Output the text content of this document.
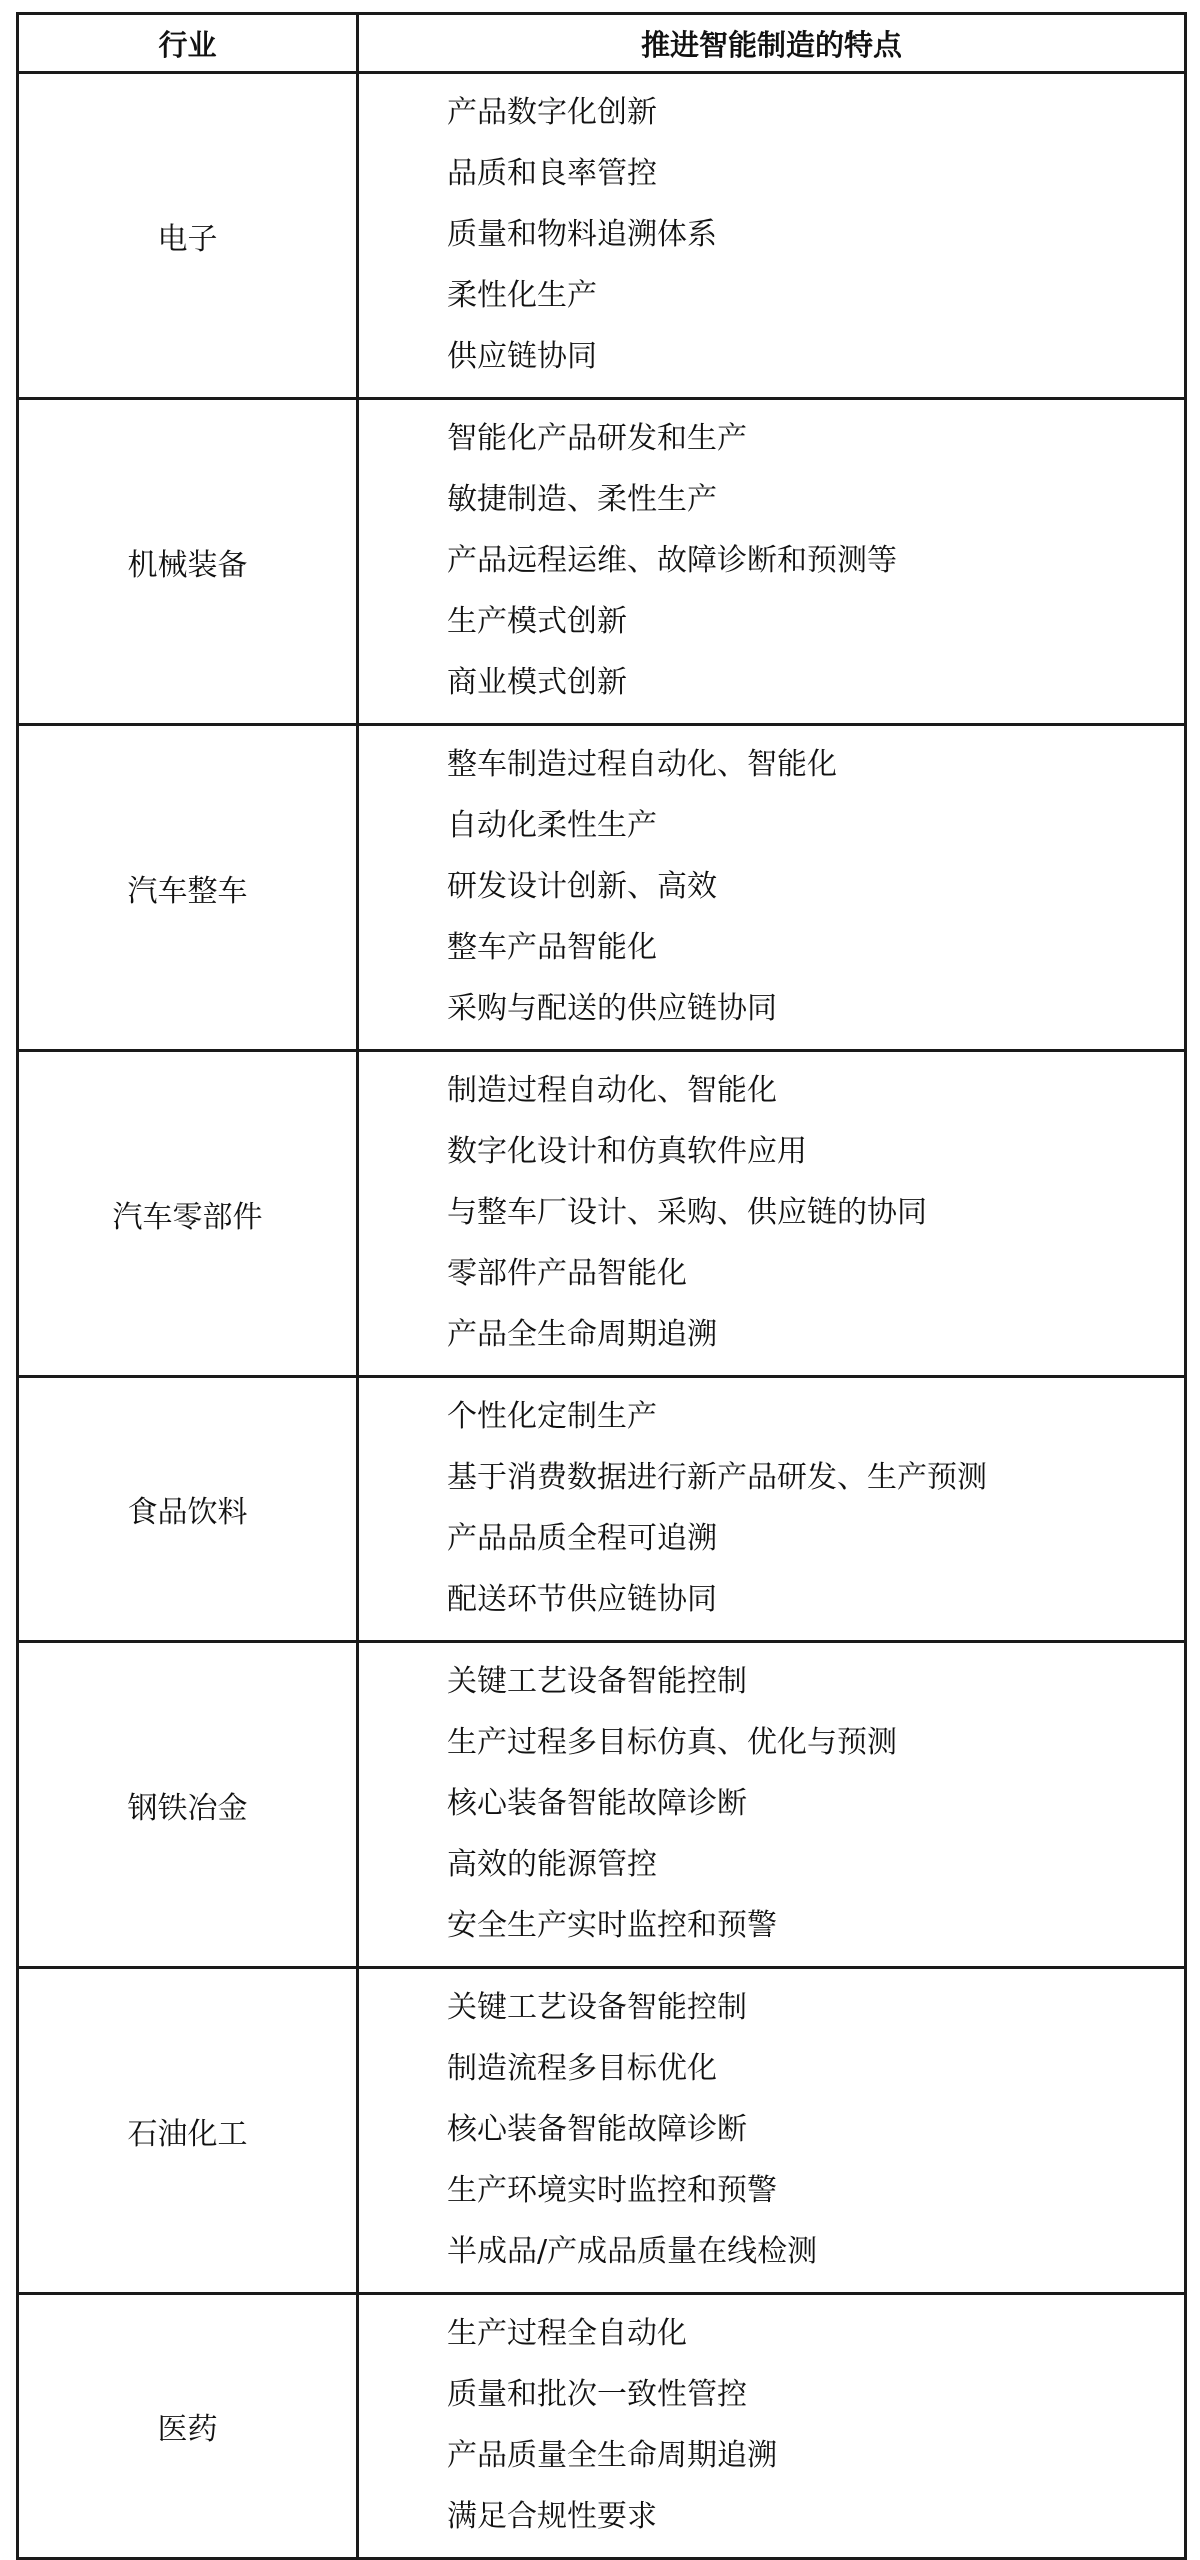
行业	推进智能制造的特点
电子	产品数字化创新
品质和良率管控
质量和物料追溯体系
柔性化生产
供应链协同

机械装备	智能化产品研发和生产
敏捷制造、柔性生产
产品远程运维、故障诊断和预测等
生产模式创新
商业模式创新

汽车整车	整车制造过程自动化、智能化
自动化柔性生产
研发设计创新、高效
整车产品智能化
采购与配送的供应链协同

汽车零部件	制造过程自动化、智能化
数字化设计和仿真软件应用
与整车厂设计、采购、供应链的协同
零部件产品智能化
产品全生命周期追溯

食品饮料	个性化定制生产
基于消费数据进行新产品研发、生产预测
产品品质全程可追溯
配送环节供应链协同

钢铁冶金	关键工艺设备智能控制
生产过程多目标仿真、优化与预测
核心装备智能故障诊断
高效的能源管控
安全生产实时监控和预警

石油化工	关键工艺设备智能控制
制造流程多目标优化
核心装备智能故障诊断
生产环境实时监控和预警
半成品/产成品质量在线检测

医药	生产过程全自动化
质量和批次一致性管控
产品质量全生命周期追溯
满足合规性要求
